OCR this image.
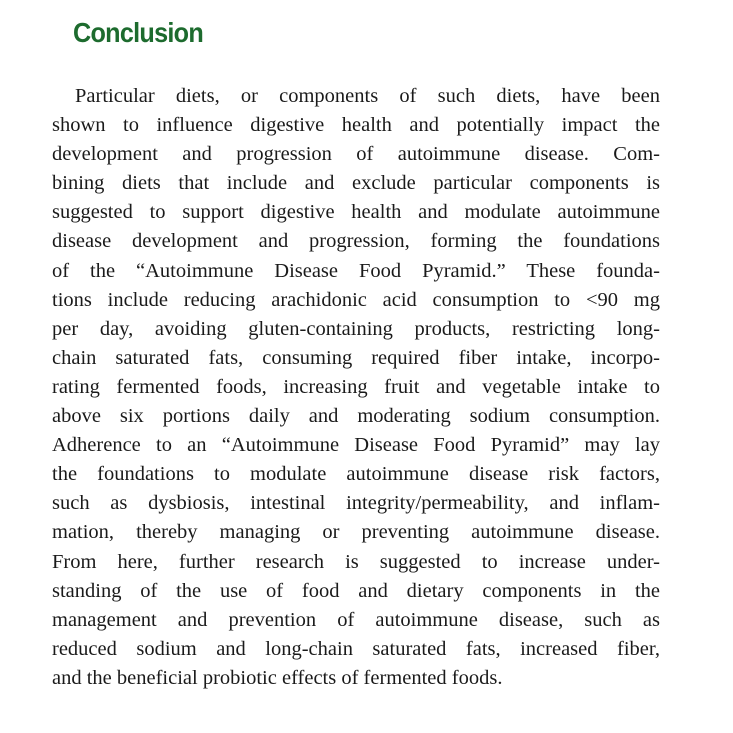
Conclusion
Particular diets, or components of such diets, have been
shown to influence digestive health and potentially impact the
development and progression of autoimmune disease. Com-
bining diets that include and exclude particular components is
suggested to support digestive health and modulate autoimmune
disease development and progression, forming the foundations
of the “Autoimmune Disease Food Pyramid.” These founda-
tions include reducing arachidonic acid consumption to <90 mg
per day, avoiding gluten-containing products, restricting long-
chain saturated fats, consuming required fiber intake, incorpo-
rating fermented foods, increasing fruit and vegetable intake to
above six portions daily and moderating sodium consumption.
Adherence to an “Autoimmune Disease Food Pyramid” may lay
the foundations to modulate autoimmune disease risk factors,
such as dysbiosis, intestinal integrity/permeability, and inflam-
mation, thereby managing or preventing autoimmune disease.
From here, further research is suggested to increase under-
standing of the use of food and dietary components in the
management and prevention of autoimmune disease, such as
reduced sodium and long-chain saturated fats, increased fiber,
and the beneficial probiotic effects of fermented foods.
